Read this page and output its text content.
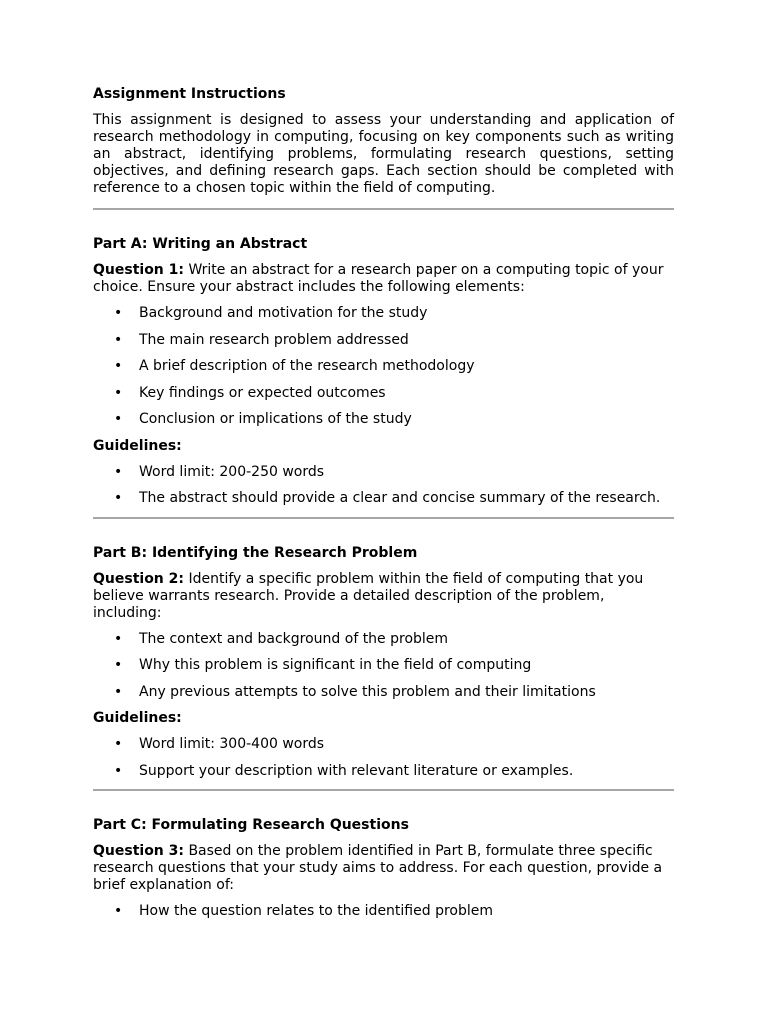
Assignment Instructions

This assignment is designed to assess your understanding and application of research methodology in computing, focusing on key components such as writing an abstract, identifying problems, formulating research questions, setting objectives, and defining research gaps. Each section should be completed with reference to a chosen topic within the field of computing.

Part A: Writing an Abstract

Question 1: Write an abstract for a research paper on a computing topic of your choice. Ensure your abstract includes the following elements:

• Background and motivation for the study
• The main research problem addressed
• A brief description of the research methodology
• Key findings or expected outcomes
• Conclusion or implications of the study
Guidelines:
• Word limit: 200-250 words
• The abstract should provide a clear and concise summary of the research.
Part B: Identifying the Research Problem

Question 2: Identify a specific problem within the field of computing that you believe warrants research. Provide a detailed description of the problem, including:

• The context and background of the problem
• Why this problem is significant in the field of computing
• Any previous attempts to solve this problem and their limitations
Guidelines:
• Word limit: 300-400 words
• Support your description with relevant literature or examples.
Part C: Formulating Research Questions

Question 3: Based on the problem identified in Part B, formulate three specific research questions that your study aims to address. For each question, provide a brief explanation of:

• How the question relates to the identified problem
